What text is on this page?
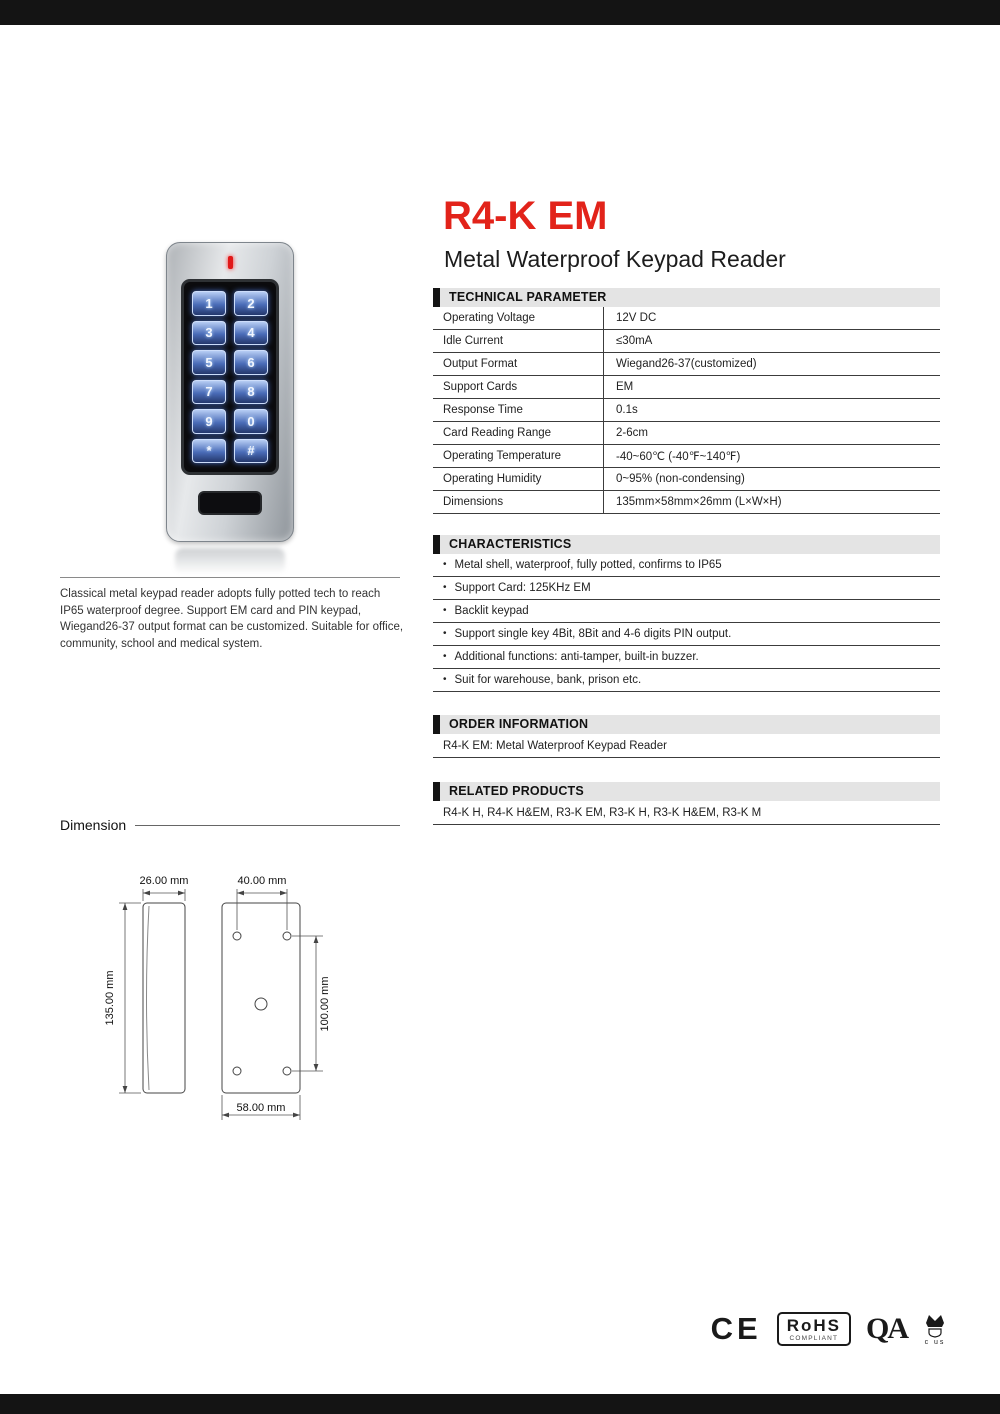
1	2
3	4
5	6
7	8
9	0
*	#

Classical metal keypad reader adopts fully potted tech to reach IP65 waterproof degree. Support EM card and PIN keypad, Wiegand26-37 output format can be customized. Suitable for office, community, school and medical system.

R4-K EM
Metal Waterproof Keypad Reader
TECHNICAL PARAMETER
Operating Voltage	12V DC
Idle Current	≤30mA
Output Format	Wiegand26-37(customized)
Support Cards	EM
Response Time	0.1s
Card Reading Range	2-6cm
Operating Temperature	-40~60℃ (-40℉~140℉)
Operating Humidity	0~95% (non-condensing)
Dimensions	135mm×58mm×26mm (L×W×H)
CHARACTERISTICS
• Metal shell, waterproof, fully potted, confirms to IP65
• Support Card: 125KHz EM
• Backlit keypad
• Support single key 4Bit, 8Bit and 4-6 digits PIN output.
• Additional functions: anti-tamper, built-in buzzer.
• Suit for warehouse, bank, prison etc.
ORDER INFORMATION
R4-K EM: Metal Waterproof Keypad Reader
RELATED PRODUCTS
R4-K H, R4-K H&EM, R3-K EM, R3-K H, R3-K H&EM, R3-K M
Dimension
26.00 mm	40.00 mm
135.00 mm	100.00 mm
58.00 mm
CE RoHS
COMPLIANT QA	c us
